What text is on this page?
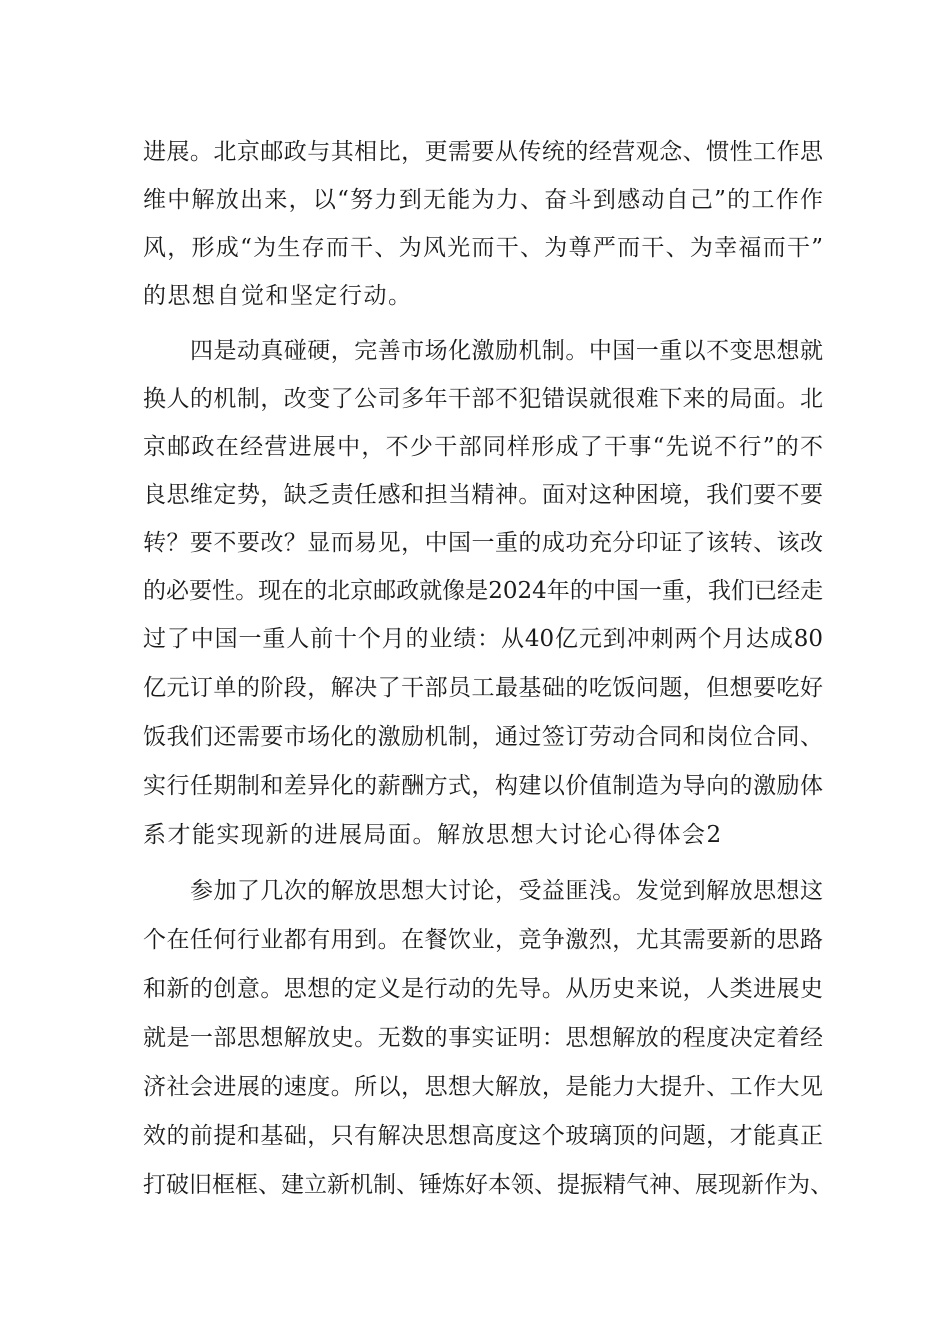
进展。北京邮政与其相比，更需要从传统的经营观念、惯性工作思
维中解放出来，以“努力到无能为力、奋斗到感动自己”的工作作
风，形成“为生存而干、为风光而干、为尊严而干、为幸福而干”
的思想自觉和坚定行动。
四是动真碰硬，完善市场化激励机制。中国一重以不变思想就
换人的机制，改变了公司多年干部不犯错误就很难下来的局面。北
京邮政在经营进展中，不少干部同样形成了干事“先说不行”的不
良思维定势，缺乏责任感和担当精神。面对这种困境，我们要不要
转？要不要改？显而易见，中国一重的成功充分印证了该转、该改
的必要性。现在的北京邮政就像是2024年的中国一重，我们已经走
过了中国一重人前十个月的业绩：从40亿元到冲刺两个月达成80
亿元订单的阶段，解决了干部员工最基础的吃饭问题，但想要吃好
饭我们还需要市场化的激励机制，通过签订劳动合同和岗位合同、
实行任期制和差异化的薪酬方式，构建以价值制造为导向的激励体
系才能实现新的进展局面。解放思想大讨论心得体会2
参加了几次的解放思想大讨论，受益匪浅。发觉到解放思想这
个在任何行业都有用到。在餐饮业，竞争激烈，尤其需要新的思路
和新的创意。思想的定义是行动的先导。从历史来说，人类进展史
就是一部思想解放史。无数的事实证明：思想解放的程度决定着经
济社会进展的速度。所以，思想大解放，是能力大提升、工作大见
效的前提和基础，只有解决思想高度这个玻璃顶的问题，才能真正
打破旧框框、建立新机制、锤炼好本领、提振精气神、展现新作为、
